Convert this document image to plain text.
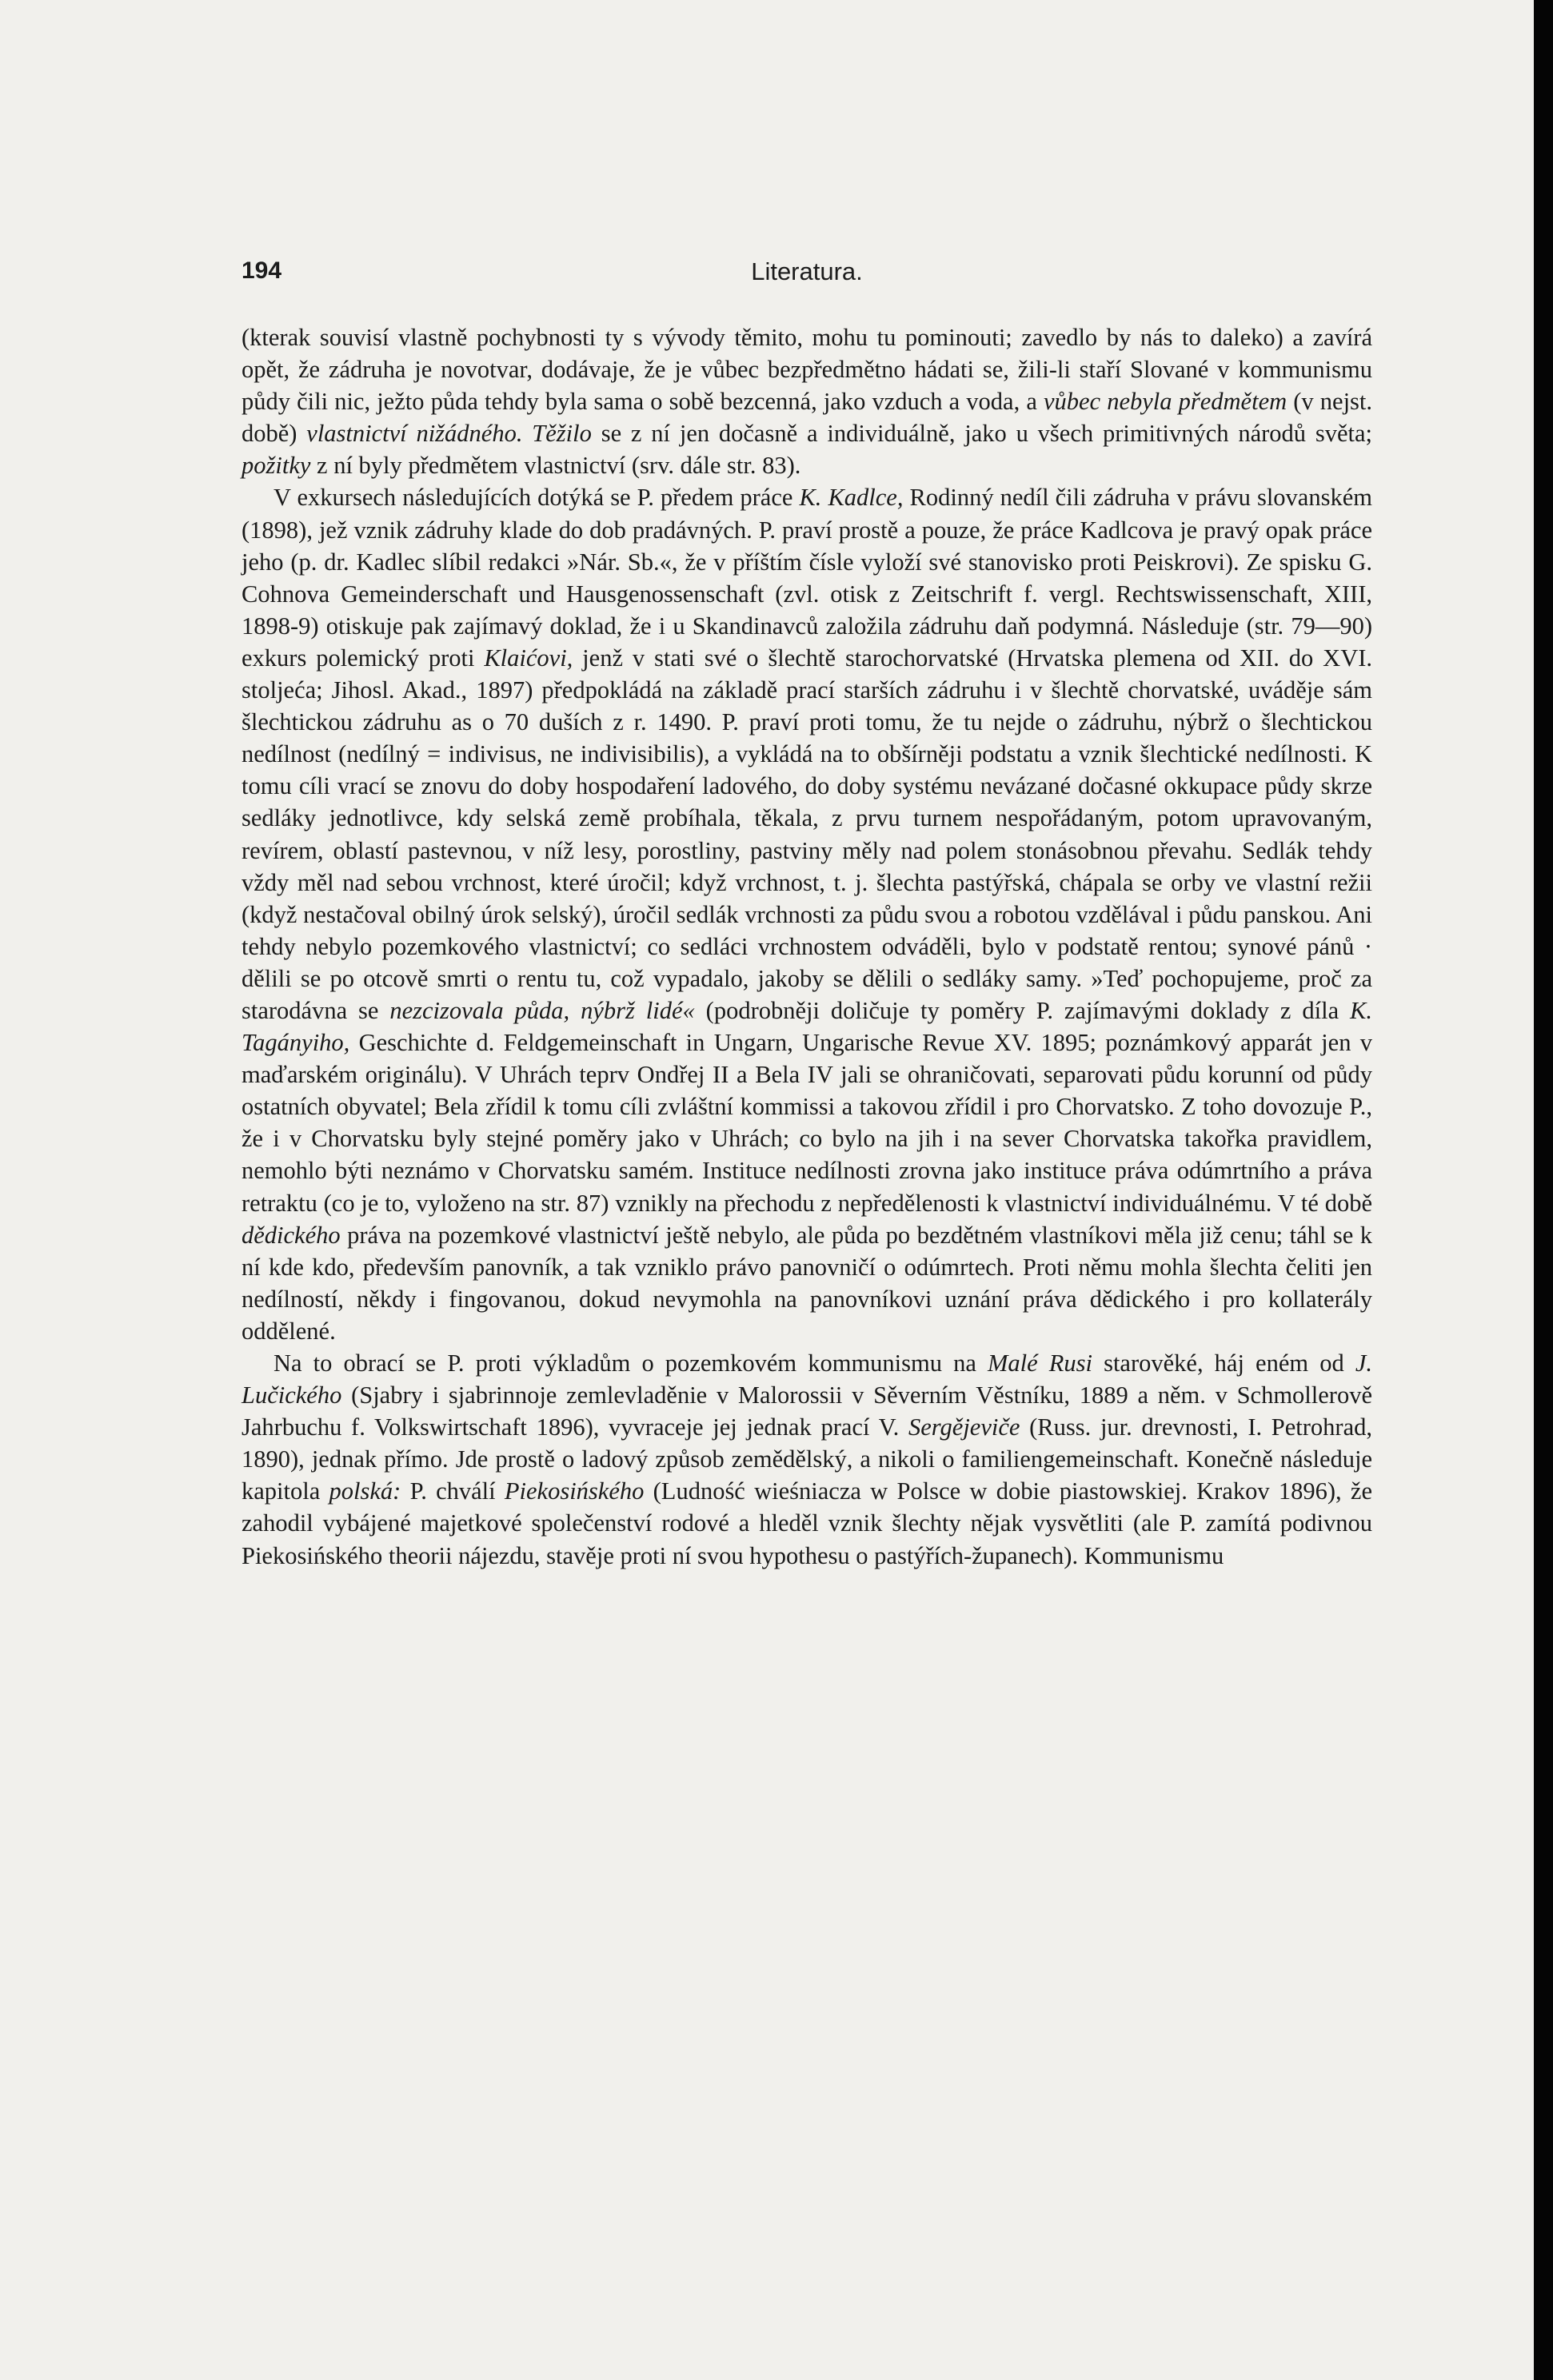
194	Literatura.

(kterak souvisí vlastně pochybnosti ty s vývody těmito, mohu tu pominouti; zavedlo by nás to daleko) a zavírá opět, že zádruha je novotvar, dodávaje, že je vůbec bezpředmětno hádati se, žili-li staří Slované v kommunismu půdy čili nic, ježto půda tehdy byla sama o sobě bezcenná, jako vzduch a voda, a vůbec nebyla předmětem (v nejst. době) vlastnictví nižádného. Těžilo se z ní jen dočasně a individuálně, jako u všech primitivných národů světa; požitky z ní byly předmětem vlastnictví (srv. dále str. 83).

V exkursech následujících dotýká se P. předem práce K. Kadlce, Rodinný nedíl čili zádruha v právu slovanském (1898), jež vznik zádruhy klade do dob pradávných. P. praví prostě a pouze, že práce Kadlcova je pravý opak práce jeho (p. dr. Kadlec slíbil redakci »Nár. Sb.«, že v příštím čísle vyloží své stanovisko proti Peiskrovi). Ze spisku G. Cohnova Gemeinderschaft und Hausgenossenschaft (zvl. otisk z Zeitschrift f. vergl. Rechtswissenschaft, XIII, 1898-9) otiskuje pak zajímavý doklad, že i u Skandinavců založila zádruhu daň podymná. Následuje (str. 79—90) exkurs polemický proti Klaićovi, jenž v stati své o šlechtě starochorvatské (Hrvatska plemena od XII. do XVI. stoljeća; Jihosl. Akad., 1897) předpokládá na základě prací starších zádruhu i v šlechtě chorvatské, uváděje sám šlechtickou zádruhu as o 70 duších z r. 1490. P. praví proti tomu, že tu nejde o zádruhu, nýbrž o šlechtickou nedílnost (nedílný = indivisus, ne indivisibilis), a vykládá na to obšírněji podstatu a vznik šlechtické nedílnosti. K tomu cíli vrací se znovu do doby hospodaření ladového, do doby systému nevázané dočasné okkupace půdy skrze sedláky jednotlivce, kdy selská země probíhala, těkala, z prvu turnem nespořádaným, potom upravovaným, revírem, oblastí pastevnou, v níž lesy, porostliny, pastviny měly nad polem stonásobnou převahu. Sedlák tehdy vždy měl nad sebou vrchnost, které úročil; když vrchnost, t. j. šlechta pastýřská, chápala se orby ve vlastní režii (když nestačoval obilný úrok selský), úročil sedlák vrchnosti za půdu svou a robotou vzdělával i půdu panskou. Ani tehdy nebylo pozemkového vlastnictví; co sedláci vrchnostem odváděli, bylo v podstatě rentou; synové pánů · dělili se po otcově smrti o rentu tu, což vypadalo, jakoby se dělili o sedláky samy. »Teď pochopujeme, proč za starodávna se nezcizovala půda, nýbrž lidé« (podrobněji doličuje ty poměry P. zajímavými doklady z díla K. Tagányiho, Geschichte d. Feldgemeinschaft in Ungarn, Ungarische Revue XV. 1895; poznámkový apparát jen v maďarském originálu). V Uhrách teprv Ondřej II a Bela IV jali se ohraničovati, separovati půdu korunní od půdy ostatních obyvatel; Bela zřídil k tomu cíli zvláštní kommissi a takovou zřídil i pro Chorvatsko. Z toho dovozuje P., že i v Chorvatsku byly stejné poměry jako v Uhrách; co bylo na jih i na sever Chorvatska takořka pravidlem, nemohlo býti neznámo v Chorvatsku samém. Instituce nedílnosti zrovna jako instituce práva odúmrtního a práva retraktu (co je to, vyloženo na str. 87) vznikly na přechodu z nepředělenosti k vlastnictví individuálnému. V té době dědického práva na pozemkové vlastnictví ještě nebylo, ale půda po bezdětném vlastníkovi měla již cenu; táhl se k ní kde kdo, především panovník, a tak vzniklo právo panovničí o odúmrtech. Proti němu mohla šlechta čeliti jen nedílností, někdy i fingovanou, dokud nevymohla na panovníkovi uznání práva dědického i pro kollaterály oddělené.

Na to obrací se P. proti výkladům o pozemkovém kommunismu na Malé Rusi starověké, háj eném od J. Lučického (Sjabry i sjabrinnoje zemlevladěnie v Malorossii v Sěverním Věstníku, 1889 a něm. v Schmollerově Jahrbuchu f. Volkswirtschaft 1896), vyvraceje jej jednak prací V. Sergějeviče (Russ. jur. drevnosti, I. Petrohrad, 1890), jednak přímo. Jde prostě o ladový způsob zemědělský, a nikoli o familiengemeinschaft. Konečně následuje kapitola polská: P. chválí Piekosińského (Ludność wieśniacza w Polsce w dobie piastowskiej. Krakov 1896), že zahodil vybájené majetkové společenství rodové a hleděl vznik šlechty nějak vysvětliti (ale P. zamítá podivnou Piekosińského theorii nájezdu, stavěje proti ní svou hypothesu o pastýřích-županech). Kommunismu
